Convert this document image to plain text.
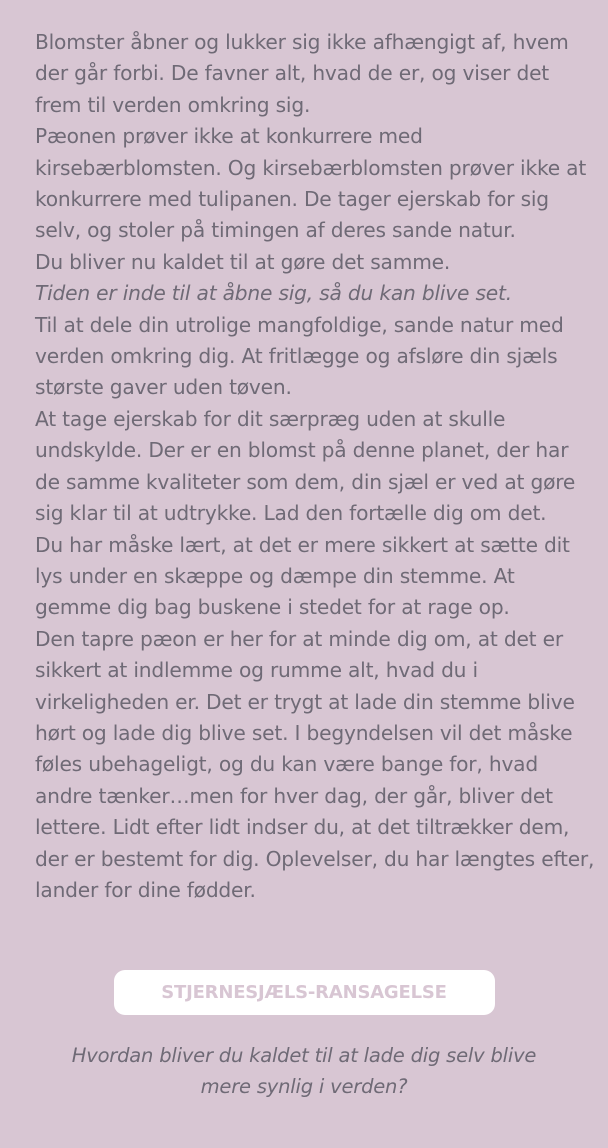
Blomster åbner og lukker sig ikke afhængigt af, hvem der går forbi. De favner alt, hvad de er, og viser det frem til verden omkring sig.

Pæonen prøver ikke at konkurrere med kirsebærblomsten. Og kirsebærblomsten prøver ikke at konkurrere med tulipanen. De tager ejerskab for sig selv, og stoler på timingen af deres sande natur.

Du bliver nu kaldet til at gøre det samme.

Tiden er inde til at åbne sig, så du kan blive set.

Til at dele din utrolige mangfoldige, sande natur med verden omkring dig. At fritlægge og afsløre din sjæls største gaver uden tøven.

At tage ejerskab for dit særpræg uden at skulle undskylde. Der er en blomst på denne planet, der har de samme kvaliteter som dem, din sjæl er ved at gøre sig klar til at udtrykke. Lad den fortælle dig om det.

Du har måske lært, at det er mere sikkert at sætte dit lys under en skæppe og dæmpe din stemme. At gemme dig bag buskene i stedet for at rage op.

Den tapre pæon er her for at minde dig om, at det er sikkert at indlemme og rumme alt, hvad du i virkeligheden er. Det er trygt at lade din stemme blive hørt og lade dig blive set. I begyndelsen vil det måske føles ubehageligt, og du kan være bange for, hvad andre tænker…men for hver dag, der går, bliver det lettere. Lidt efter lidt indser du, at det tiltrækker dem, der er bestemt for dig. Oplevelser, du har længtes efter, lander for dine fødder.

STJERNESJÆLS-RANSAGELSE
Hvordan bliver du kaldet til at lade dig selv blive mere synlig i verden?
